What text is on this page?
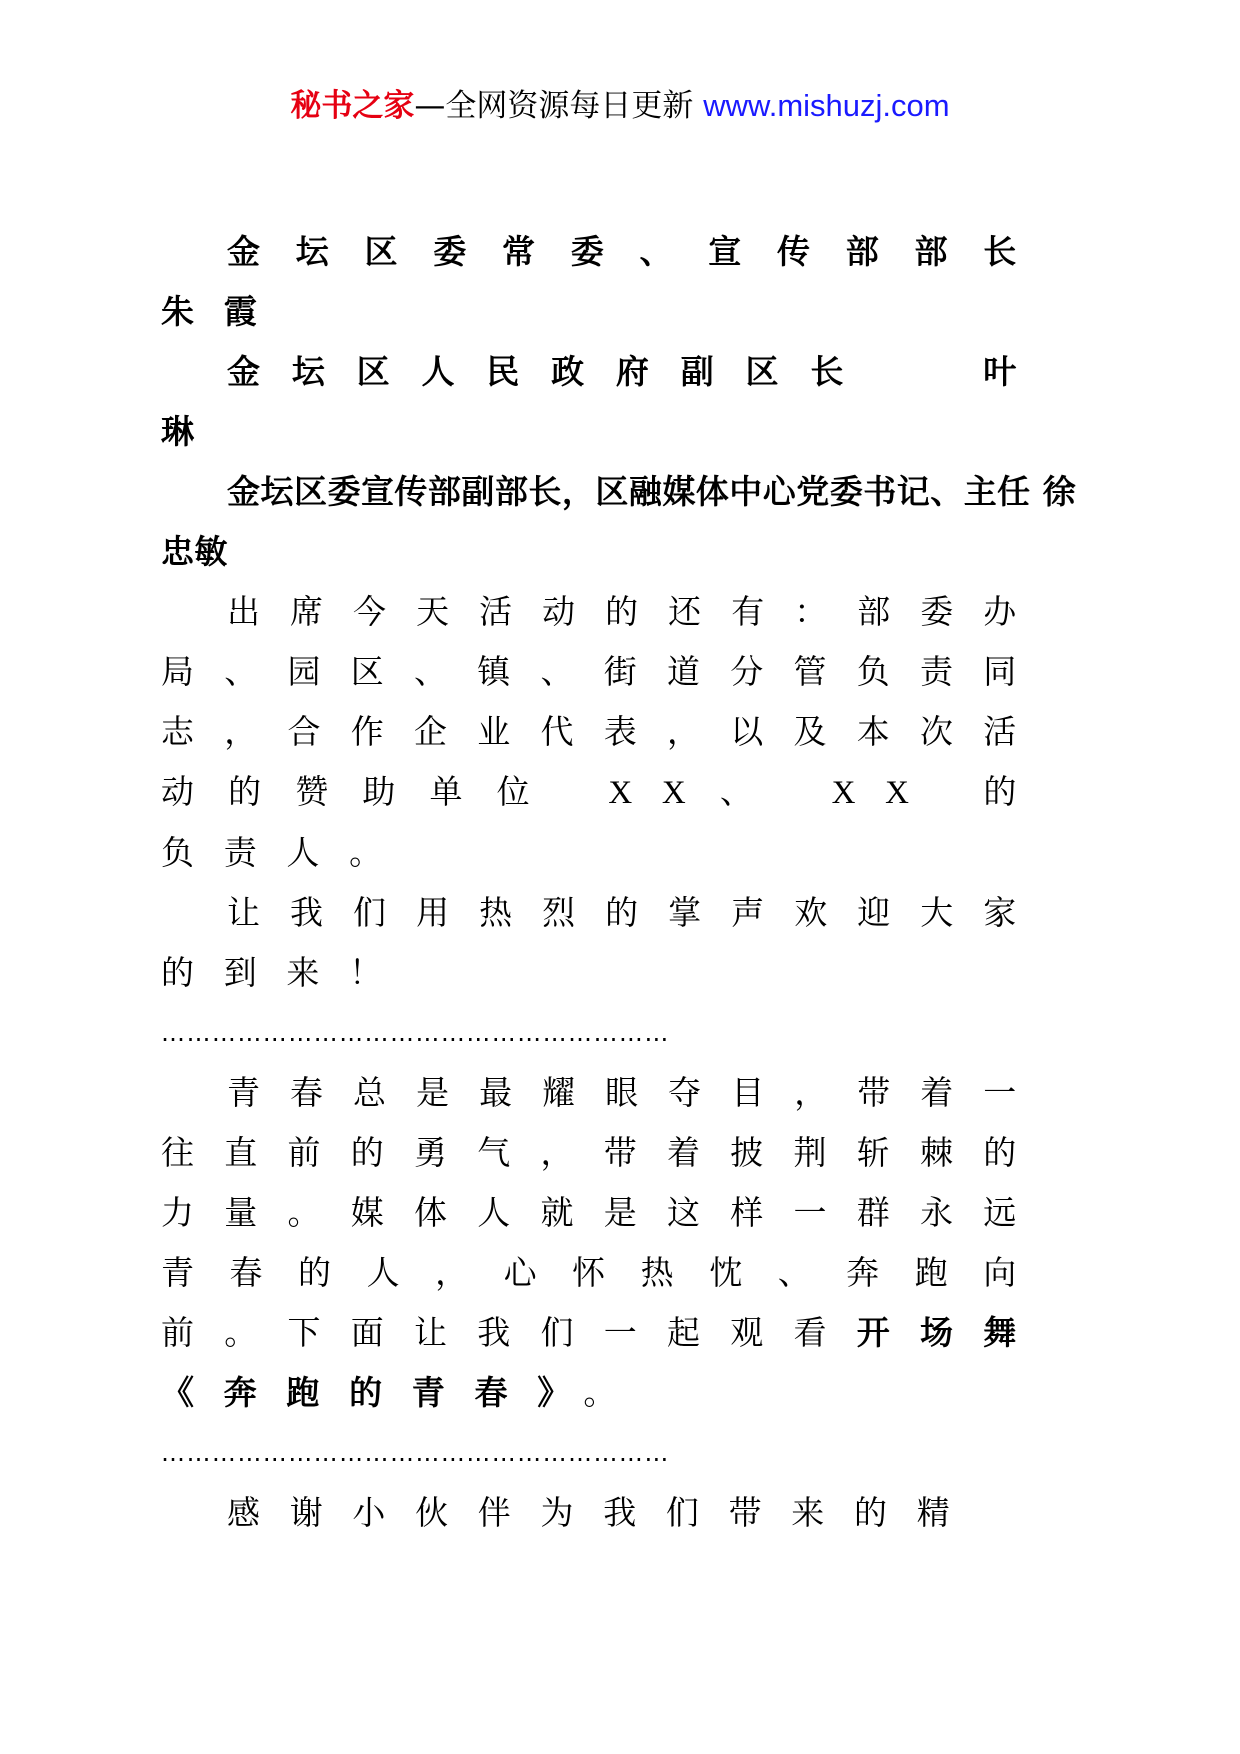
秘书之家—全网资源每日更新 www.mishuzj.com

金坛区委常委、宣传部部长 朱霞

金坛区人民政府副区长　	叶琳

金坛区委宣传部副部长，区融媒体中心党委书记、主任 徐忠敏

出席今天活动的还有：部委办局、园区、镇、街道分管负责同志，合作企业代表，以及本次活动的赞助单位 XX、 XX 的负责人。

让我们用热烈的掌声欢迎大家的到来！

……………………………………………………

青春总是最耀眼夺目，带着一往直前的勇气，带着披荆斩棘的力量。媒体人就是这样一群永远青春的人，心怀热忱、奔跑向前。下面让我们一起观看开场舞《奔跑的青春》。

……………………………………………………

感谢小伙伴为我们带来的精
